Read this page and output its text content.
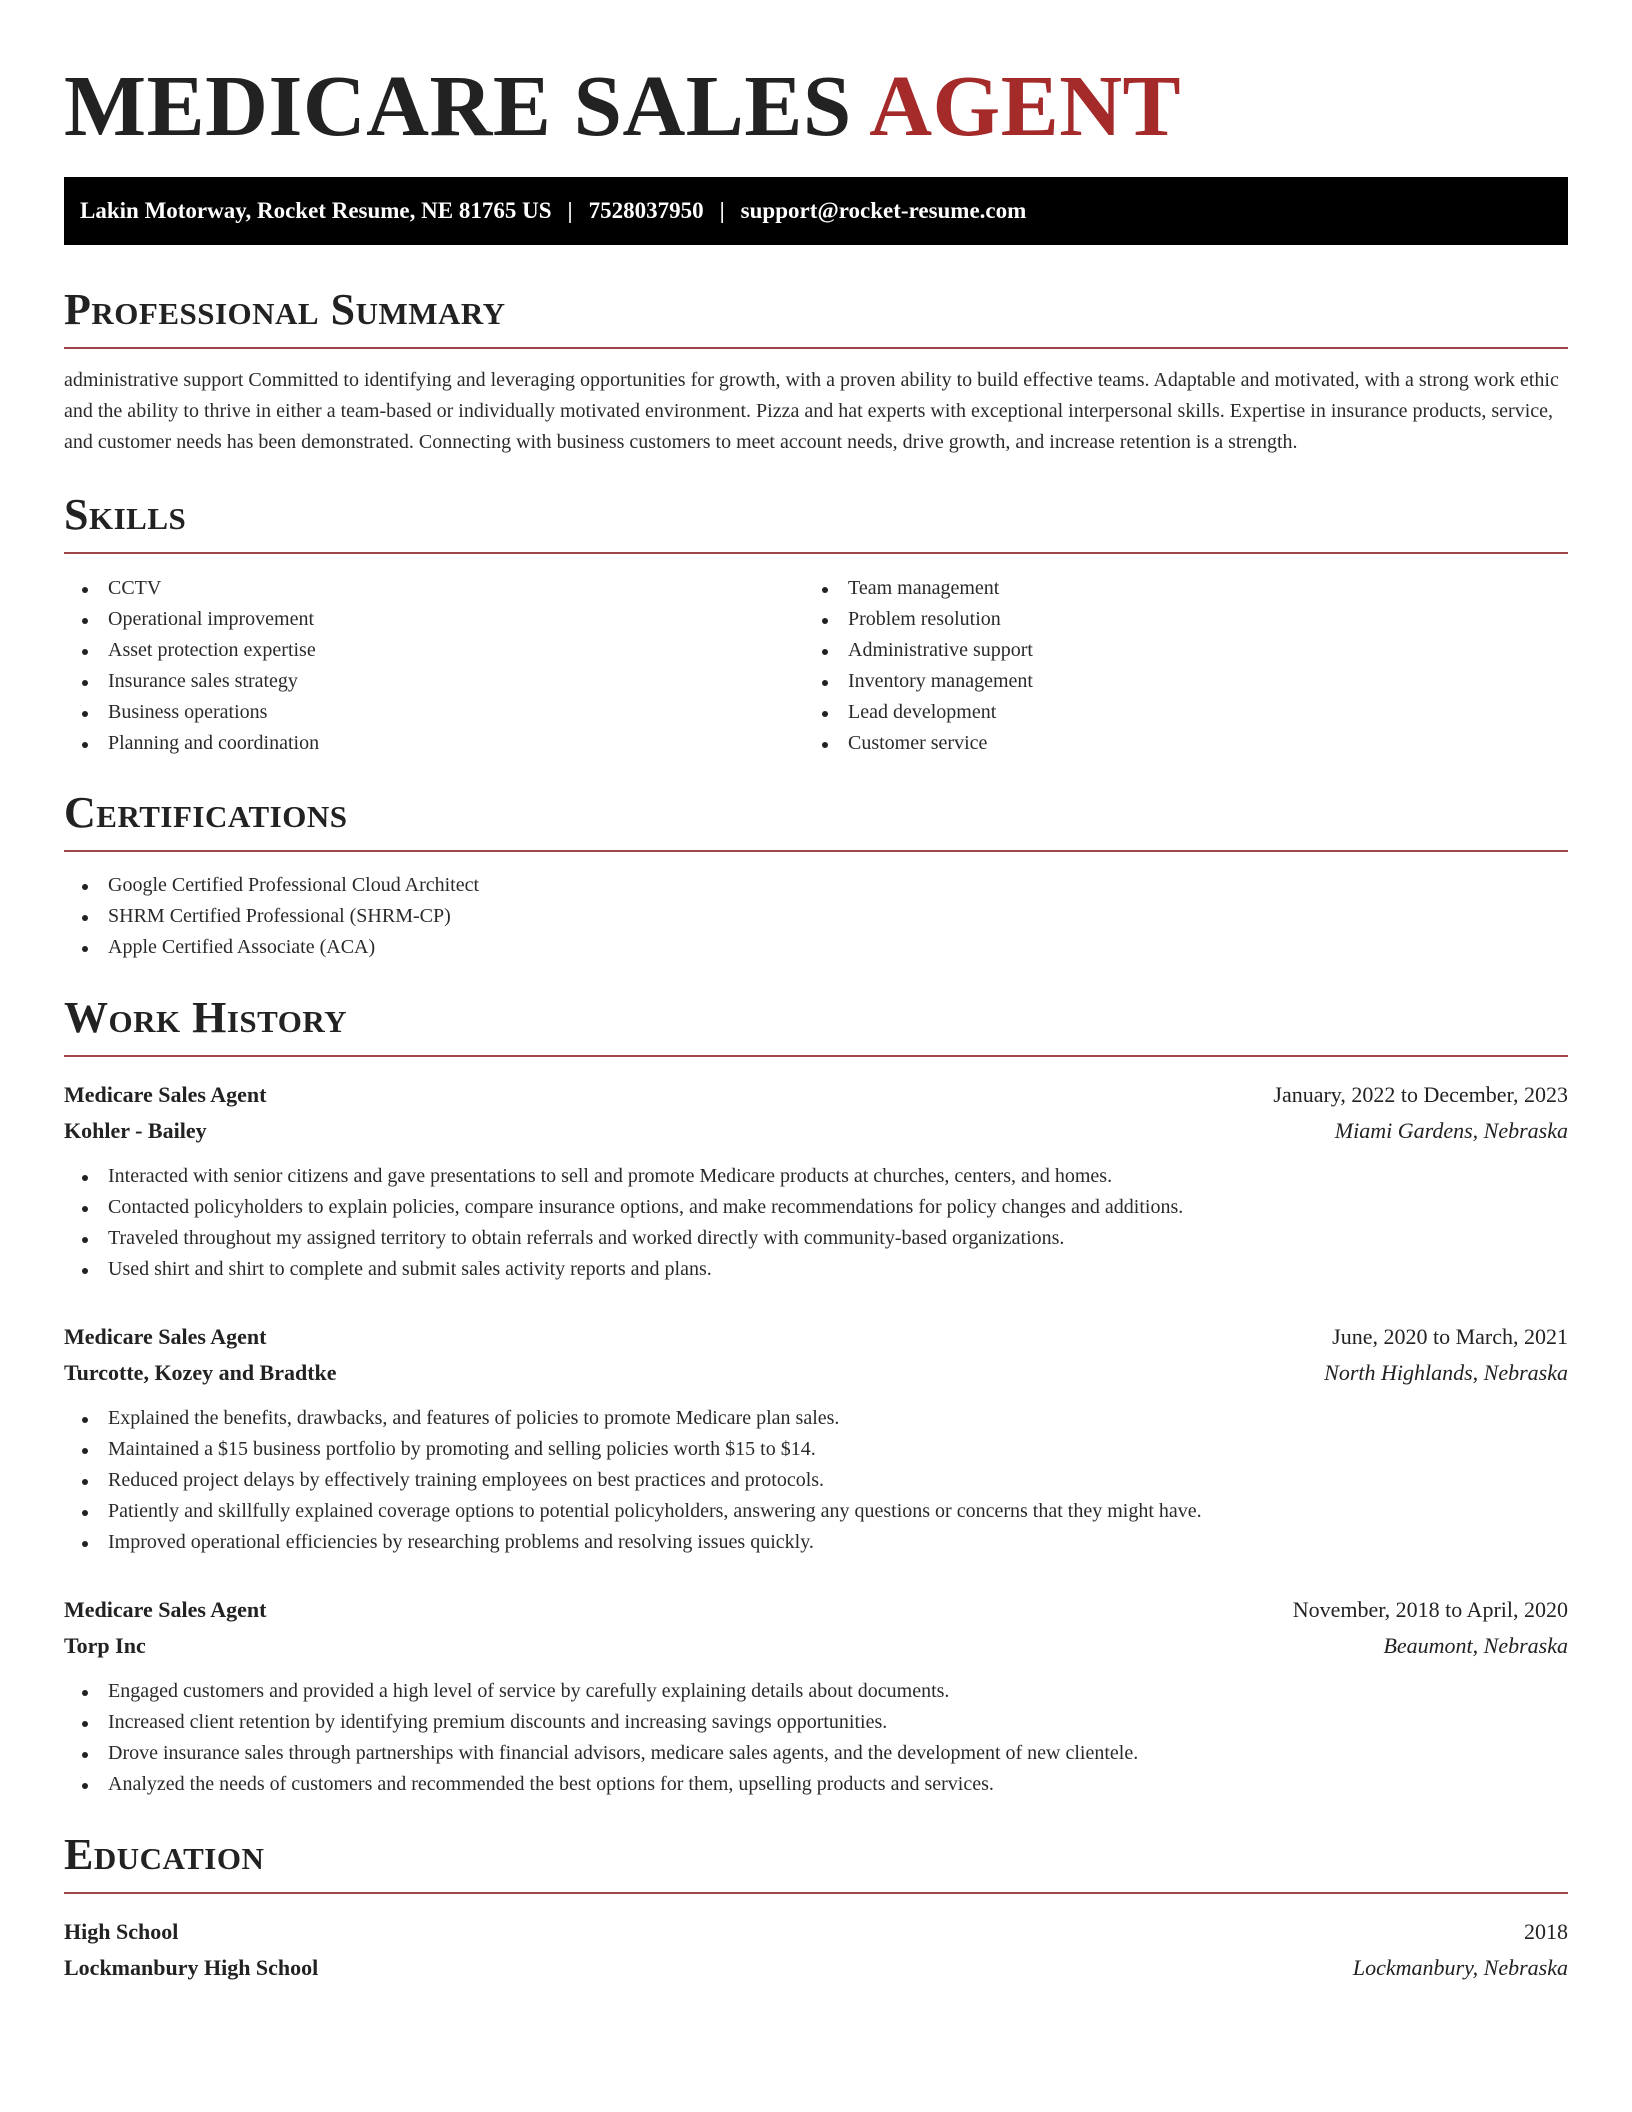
MEDICARE SALES AGENT
Lakin Motorway, Rocket Resume, NE 81765 US | 7528037950 | support@rocket-resume.com
Professional Summary

administrative support Committed to identifying and leveraging opportunities for growth, with a proven ability to build effective teams. Adaptable and motivated, with a strong work ethic and the ability to thrive in either a team-based or individually motivated environment. Pizza and hat experts with exceptional interpersonal skills. Expertise in insurance products, service, and customer needs has been demonstrated. Connecting with business customers to meet account needs, drive growth, and increase retention is a strength.

Skills
CCTV
Operational improvement
Asset protection expertise
Insurance sales strategy
Business operations
Planning and coordination
Team management
Problem resolution
Administrative support
Inventory management
Lead development
Customer service
Certifications
Google Certified Professional Cloud Architect
SHRM Certified Professional (SHRM-CP)
Apple Certified Associate (ACA)
Work History
Medicare Sales Agent	January, 2022 to December, 2023
Kohler - Bailey	Miami Gardens, Nebraska
Interacted with senior citizens and gave presentations to sell and promote Medicare products at churches, centers, and homes.
Contacted policyholders to explain policies, compare insurance options, and make recommendations for policy changes and additions.
Traveled throughout my assigned territory to obtain referrals and worked directly with community-based organizations.
Used shirt and shirt to complete and submit sales activity reports and plans.
Medicare Sales Agent	June, 2020 to March, 2021
Turcotte, Kozey and Bradtke	North Highlands, Nebraska
Explained the benefits, drawbacks, and features of policies to promote Medicare plan sales.
Maintained a $15 business portfolio by promoting and selling policies worth $15 to $14.
Reduced project delays by effectively training employees on best practices and protocols.
Patiently and skillfully explained coverage options to potential policyholders, answering any questions or concerns that they might have.
Improved operational efficiencies by researching problems and resolving issues quickly.
Medicare Sales Agent	November, 2018 to April, 2020
Torp Inc	Beaumont, Nebraska
Engaged customers and provided a high level of service by carefully explaining details about documents.
Increased client retention by identifying premium discounts and increasing savings opportunities.
Drove insurance sales through partnerships with financial advisors, medicare sales agents, and the development of new clientele.
Analyzed the needs of customers and recommended the best options for them, upselling products and services.
Education
High School	2018
Lockmanbury High School	Lockmanbury, Nebraska
